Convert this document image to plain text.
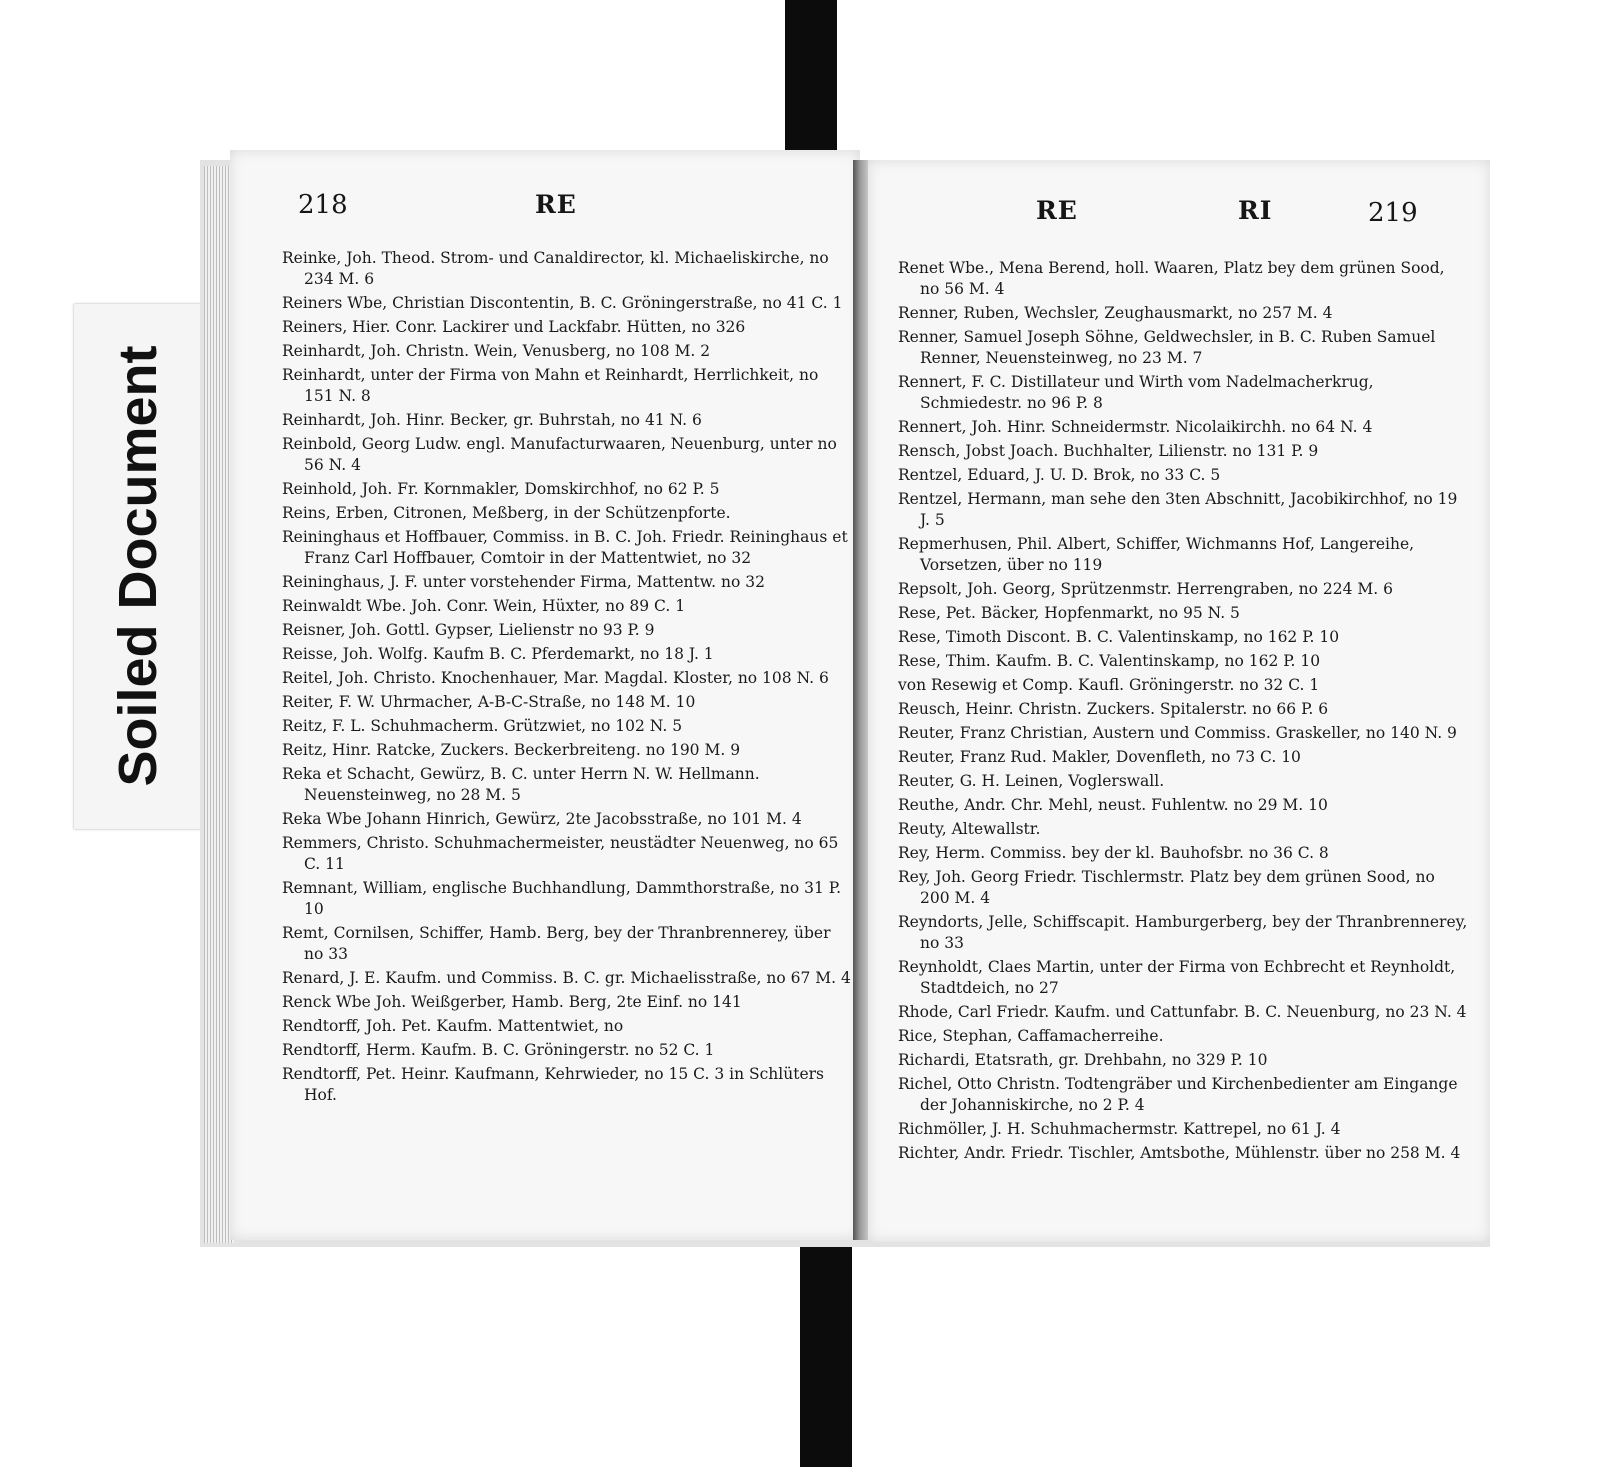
Soiled Document
218	RE
Reinke, Joh. Theod. Strom- und Canaldirector, kl. Michaeliskirche, no 234 M. 6
Reiners Wbe, Christian Discontentin, B. C. Gröningerstraße, no 41 C. 1
Reiners, Hier. Conr. Lackirer und Lackfabr. Hütten, no 326
Reinhardt, Joh. Christn. Wein, Venusberg, no 108 M. 2
Reinhardt, unter der Firma von Mahn et Reinhardt, Herrlichkeit, no 151 N. 8
Reinhardt, Joh. Hinr. Becker, gr. Buhrstah, no 41 N. 6
Reinbold, Georg Ludw. engl. Manufacturwaaren, Neuenburg, unter no 56 N. 4
Reinhold, Joh. Fr. Kornmakler, Domskirchhof, no 62 P. 5
Reins, Erben, Citronen, Meßberg, in der Schützenpforte.
Reininghaus et Hoffbauer, Commiss. in B. C. Joh. Friedr. Reininghaus et Franz Carl Hoffbauer, Comtoir in der Mattentwiet, no 32
Reininghaus, J. F. unter vorstehender Firma, Mattentw. no 32
Reinwaldt Wbe. Joh. Conr. Wein, Hüxter, no 89 C. 1
Reisner, Joh. Gottl. Gypser, Lielienstr no 93 P. 9
Reisse, Joh. Wolfg. Kaufm B. C. Pferdemarkt, no 18 J. 1
Reitel, Joh. Christo. Knochenhauer, Mar. Magdal. Kloster, no 108 N. 6
Reiter, F. W. Uhrmacher, A-B-C-Straße, no 148 M. 10
Reitz, F. L. Schuhmacherm. Grützwiet, no 102 N. 5
Reitz, Hinr. Ratcke, Zuckers. Beckerbreiteng. no 190 M. 9
Reka et Schacht, Gewürz, B. C. unter Herrn N. W. Hellmann. Neuensteinweg, no 28 M. 5
Reka Wbe Johann Hinrich, Gewürz, 2te Jacobsstraße, no 101 M. 4
Remmers, Christo. Schuhmachermeister, neustädter Neuenweg, no 65 C. 11
Remnant, William, englische Buchhandlung, Dammthorstraße, no 31 P. 10
Remt, Cornilsen, Schiffer, Hamb. Berg, bey der Thranbrennerey, über no 33
Renard, J. E. Kaufm. und Commiss. B. C. gr. Michaelisstraße, no 67 M. 4
Renck Wbe Joh. Weißgerber, Hamb. Berg, 2te Einf. no 141
Rendtorff, Joh. Pet. Kaufm. Mattentwiet, no
Rendtorff, Herm. Kaufm. B. C. Gröningerstr. no 52 C. 1
Rendtorff, Pet. Heinr. Kaufmann, Kehrwieder, no 15 C. 3 in Schlüters Hof.
RE	RI	219
Renet Wbe., Mena Berend, holl. Waaren, Platz bey dem grünen Sood, no 56 M. 4
Renner, Ruben, Wechsler, Zeughausmarkt, no 257 M. 4
Renner, Samuel Joseph Söhne, Geldwechsler, in B. C. Ruben Samuel Renner, Neuensteinweg, no 23 M. 7
Rennert, F. C. Distillateur und Wirth vom Nadelmacherkrug, Schmiedestr. no 96 P. 8
Rennert, Joh. Hinr. Schneidermstr. Nicolaikirchh. no 64 N. 4
Rensch, Jobst Joach. Buchhalter, Lilienstr. no 131 P. 9
Rentzel, Eduard, J. U. D. Brok, no 33 C. 5
Rentzel, Hermann, man sehe den 3ten Abschnitt, Jacobikirchhof, no 19 J. 5
Repmerhusen, Phil. Albert, Schiffer, Wichmanns Hof, Langereihe, Vorsetzen, über no 119
Repsolt, Joh. Georg, Sprützenmstr. Herrengraben, no 224 M. 6
Rese, Pet. Bäcker, Hopfenmarkt, no 95 N. 5
Rese, Timoth Discont. B. C. Valentinskamp, no 162 P. 10
Rese, Thim. Kaufm. B. C. Valentinskamp, no 162 P. 10
von Resewig et Comp. Kaufl. Gröningerstr. no 32 C. 1
Reusch, Heinr. Christn. Zuckers. Spitalerstr. no 66 P. 6
Reuter, Franz Christian, Austern und Commiss. Graskeller, no 140 N. 9
Reuter, Franz Rud. Makler, Dovenfleth, no 73 C. 10
Reuter, G. H. Leinen, Voglerswall.
Reuthe, Andr. Chr. Mehl, neust. Fuhlentw. no 29 M. 10
Reuty, Altewallstr.
Rey, Herm. Commiss. bey der kl. Bauhofsbr. no 36 C. 8
Rey, Joh. Georg Friedr. Tischlermstr. Platz bey dem grünen Sood, no 200 M. 4
Reyndorts, Jelle, Schiffscapit. Hamburgerberg, bey der Thranbrennerey, no 33
Reynholdt, Claes Martin, unter der Firma von Echbrecht et Reynholdt, Stadtdeich, no 27
Rhode, Carl Friedr. Kaufm. und Cattunfabr. B. C. Neuenburg, no 23 N. 4
Rice, Stephan, Caffamacherreihe.
Richardi, Etatsrath, gr. Drehbahn, no 329 P. 10
Richel, Otto Christn. Todtengräber und Kirchenbedienter am Eingange der Johanniskirche, no 2 P. 4
Richmöller, J. H. Schuhmachermstr. Kattrepel, no 61 J. 4
Richter, Andr. Friedr. Tischler, Amtsbothe, Mühlenstr. über no 258 M. 4
